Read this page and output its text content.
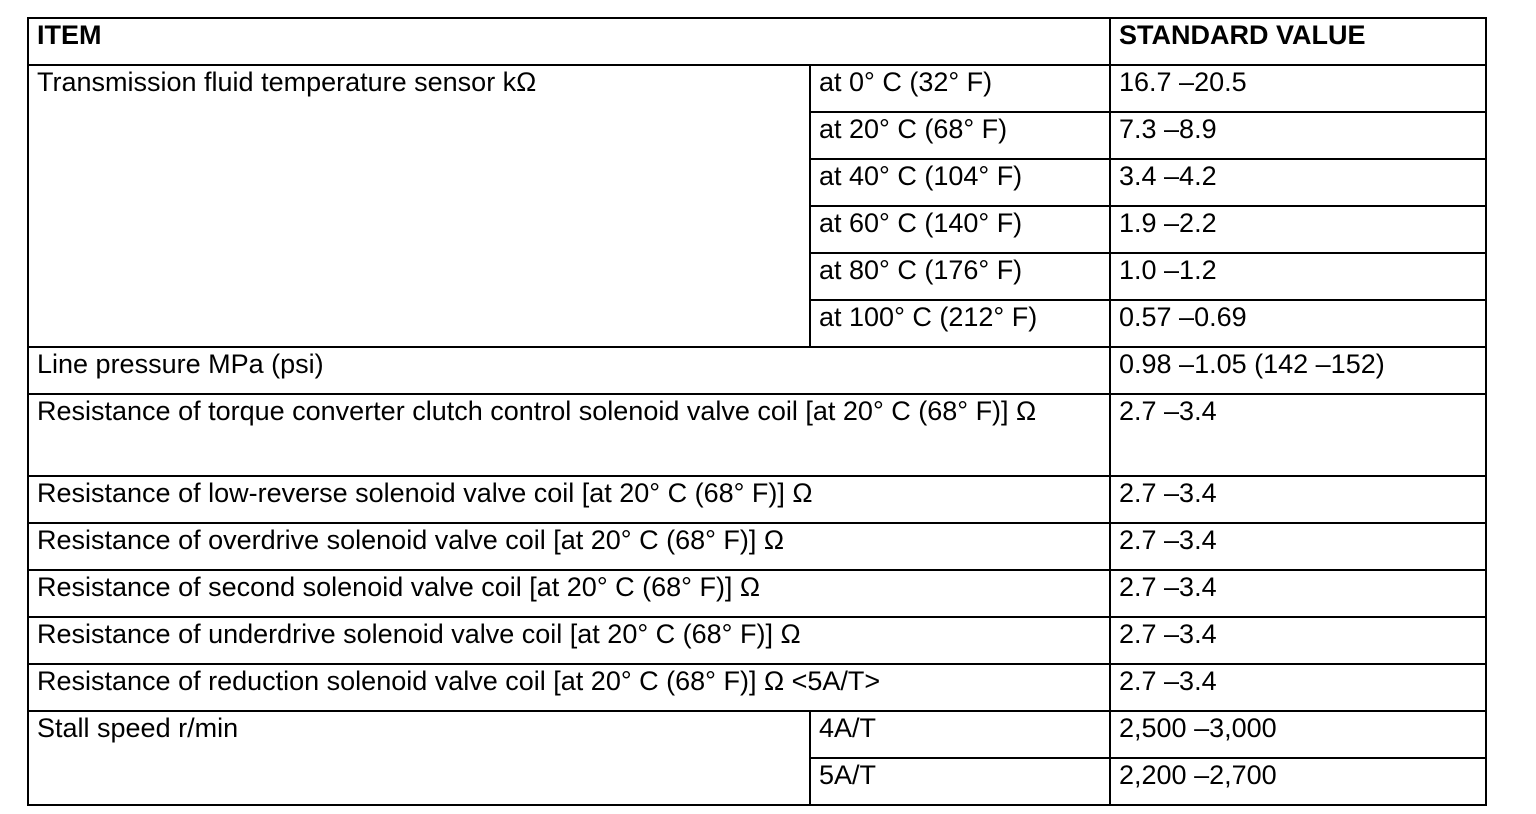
ITEM		STANDARD VALUE
Transmission fluid temperature sensor kΩ	at 0° C (32° F)	16.7 –20.5
	at 20° C (68° F)	7.3 –8.9
	at 40° C (104° F)	3.4 –4.2
	at 60° C (140° F)	1.9 –2.2
	at 80° C (176° F)	1.0 –1.2
	at 100° C (212° F)	0.57 –0.69
Line pressure MPa (psi)		0.98 –1.05 (142 –152)
Resistance of torque converter clutch control solenoid valve coil [at 20° C (68° F)] Ω		2.7 –3.4
Resistance of low-reverse solenoid valve coil [at 20° C (68° F)] Ω		2.7 –3.4
Resistance of overdrive solenoid valve coil [at 20° C (68° F)] Ω		2.7 –3.4
Resistance of second solenoid valve coil [at 20° C (68° F)] Ω		2.7 –3.4
Resistance of underdrive solenoid valve coil [at 20° C (68° F)] Ω		2.7 –3.4
Resistance of reduction solenoid valve coil [at 20° C (68° F)] Ω <5A/T>		2.7 –3.4
Stall speed r/min	4A/T	2,500 –3,000
	5A/T	2,200 –2,700
